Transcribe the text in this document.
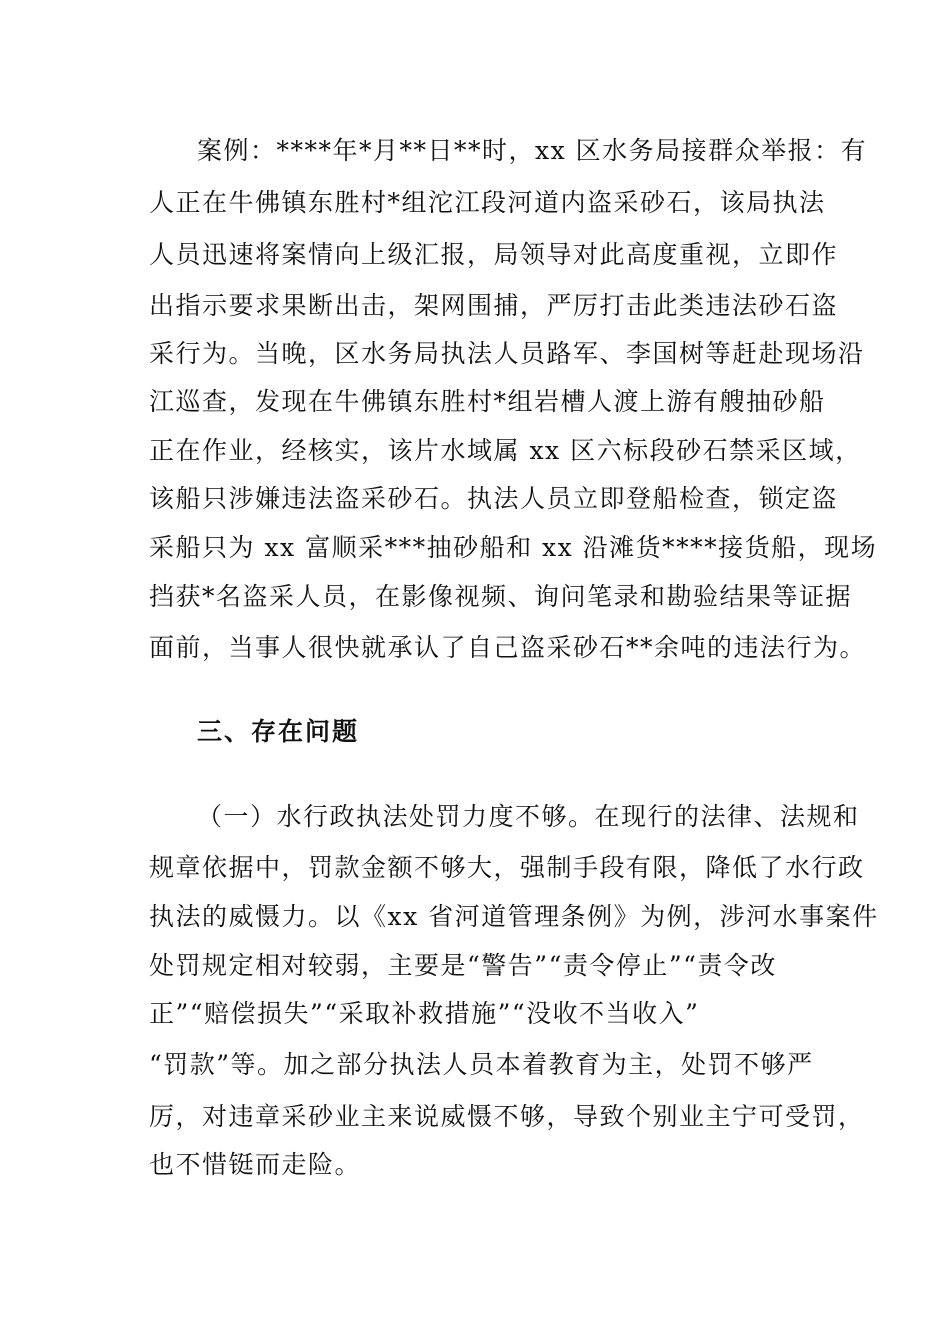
案例：****年*月**日**时，xx 区水务局接群众举报：有
人正在牛佛镇东胜村*组沱江段河道内盗采砂石，该局执法
人员迅速将案情向上级汇报，局领导对此高度重视，立即作
出指示要求果断出击，架网围捕，严厉打击此类违法砂石盗
采行为。当晚，区水务局执法人员路军、李国树等赶赴现场沿
江巡查，发现在牛佛镇东胜村*组岩槽人渡上游有艘抽砂船
正在作业，经核实，该片水域属 xx 区六标段砂石禁采区域，
该船只涉嫌违法盗采砂石。执法人员立即登船检查，锁定盗
采船只为 xx 富顺采***抽砂船和 xx 沿滩货****接货船，现场
挡获*名盗采人员，在影像视频、询问笔录和勘验结果等证据
面前，当事人很快就承认了自己盗采砂石**余吨的违法行为。
三、存在问题
（一）水行政执法处罚力度不够。在现行的法律、法规和
规章依据中，罚款金额不够大，强制手段有限，降低了水行政
执法的威慑力。以《xx 省河道管理条例》为例，涉河水事案件
处罚规定相对较弱，主要是“警告”“责令停止”“责令改
正”“赔偿损失”“采取补救措施”“没收不当收入”
“罚款”等。加之部分执法人员本着教育为主，处罚不够严
厉，对违章采砂业主来说威慑不够，导致个别业主宁可受罚，
也不惜铤而走险。
